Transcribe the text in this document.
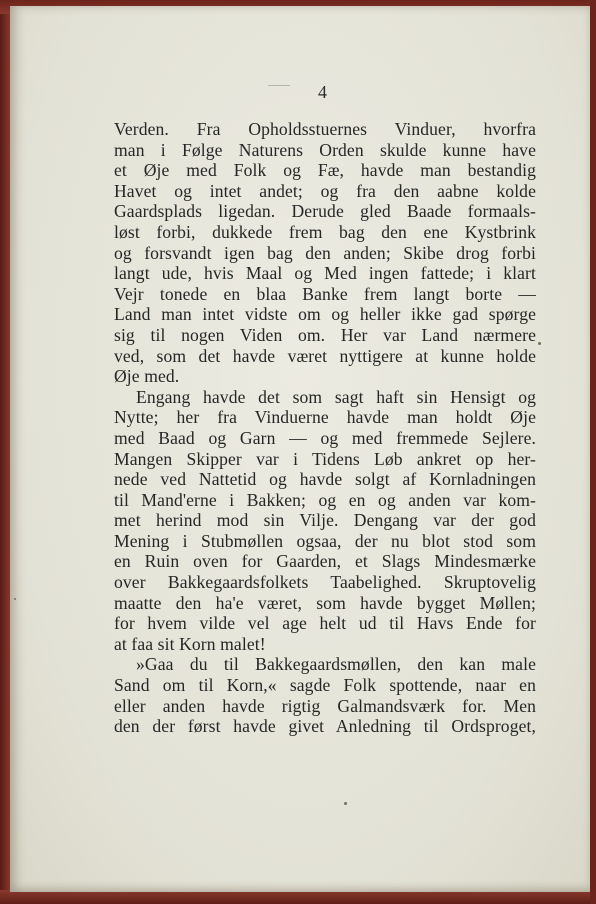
4
Verden. Fra Opholdsstuernes Vinduer, hvorfra
man i Følge Naturens Orden skulde kunne have
et Øje med Folk og Fæ, havde man bestandig
Havet og intet andet; og fra den aabne kolde
Gaardsplads ligedan. Derude gled Baade formaals-
løst forbi, dukkede frem bag den ene Kystbrink
og forsvandt igen bag den anden; Skibe drog forbi
langt ude, hvis Maal og Med ingen fattede; i klart
Vejr tonede en blaa Banke frem langt borte —
Land man intet vidste om og heller ikke gad spørge
sig til nogen Viden om. Her var Land nærmere
ved, som det havde været nyttigere at kunne holde
Øje med.
Engang havde det som sagt haft sin Hensigt og
Nytte; her fra Vinduerne havde man holdt Øje
med Baad og Garn — og med fremmede Sejlere.
Mangen Skipper var i Tidens Løb ankret op her-
nede ved Nattetid og havde solgt af Kornladningen
til Mand'erne i Bakken; og en og anden var kom-
met herind mod sin Vilje. Dengang var der god
Mening i Stubmøllen ogsaa, der nu blot stod som
en Ruin oven for Gaarden, et Slags Mindesmærke
over Bakkegaardsfolkets Taabelighed. Skruptovelig
maatte den ha'e været, som havde bygget Møllen;
for hvem vilde vel age helt ud til Havs Ende for
at faa sit Korn malet!
»Gaa du til Bakkegaardsmøllen, den kan male
Sand om til Korn,« sagde Folk spottende, naar en
eller anden havde rigtig Galmandsværk for. Men
den der først havde givet Anledning til Ordsproget,
